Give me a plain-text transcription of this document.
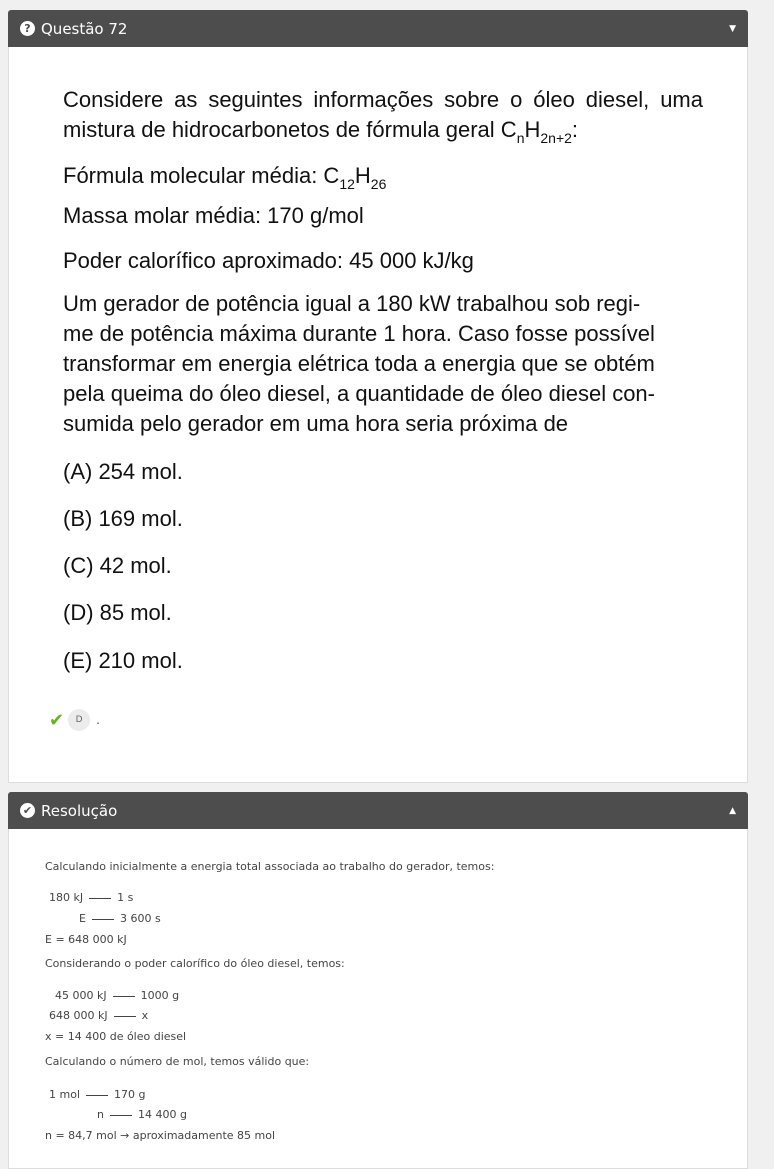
? Questão 72	▼
Considere as seguintes informações sobre o óleo diesel, uma mistura de hidrocarbonetos de fórmula geral $C_nH_{2n+2}$:
Fórmula molecular média: $C_{12}H_{26}$
Massa molar média: 170 g/mol
Poder calorífico aproximado: 45 000 kJ/kg
Um gerador de potência igual a 180 kW trabalhou sob regi-
me de potência máxima durante 1 hora. Caso fosse possível
transformar em energia elétrica toda a energia que se obtém
pela queima do óleo diesel, a quantidade de óleo diesel con-
sumida pelo gerador em uma hora seria próxima de
(A) 254 mol.
(B) 169 mol.
(C) 42 mol.
(D) 85 mol.
(E) 210 mol.
✔	D	.
✔ Resolução	▲
Calculando inicialmente a energia total associada ao trabalho do gerador, temos:
180 kJ	1 s
E	3 600 s
E = 648 000 kJ
Considerando o poder calorífico do óleo diesel, temos:
45 000 kJ	1000 g
648 000 kJ	x
x = 14 400 de óleo diesel
Calculando o número de mol, temos válido que:
1 mol	170 g
n	14 400 g
n = 84,7 mol → aproximadamente 85 mol
